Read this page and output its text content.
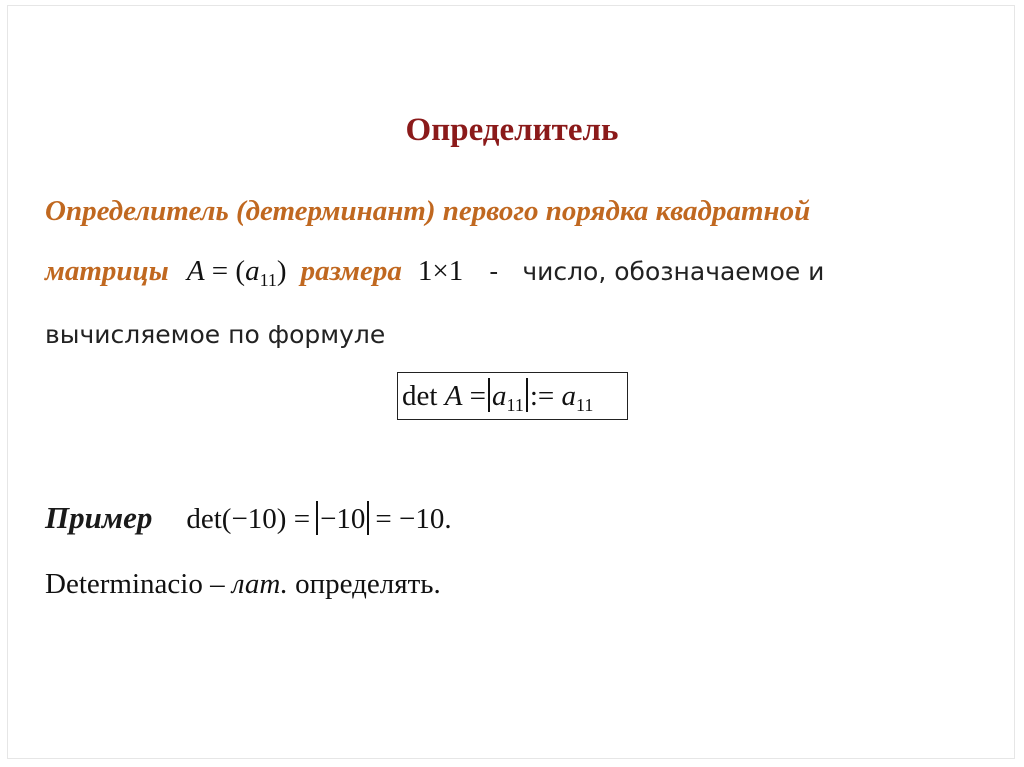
Определитель
Определитель (детерминант) первого порядка квадратной
матрицы $A = (a_{11})$ размера 1×1 - число, обозначаемое и
вычисляемое по формуле
$\det A = a_{11}$ := $a_{11}$
Пример det(−10) = −10 = −10.
Determinacio – лат. определять.
